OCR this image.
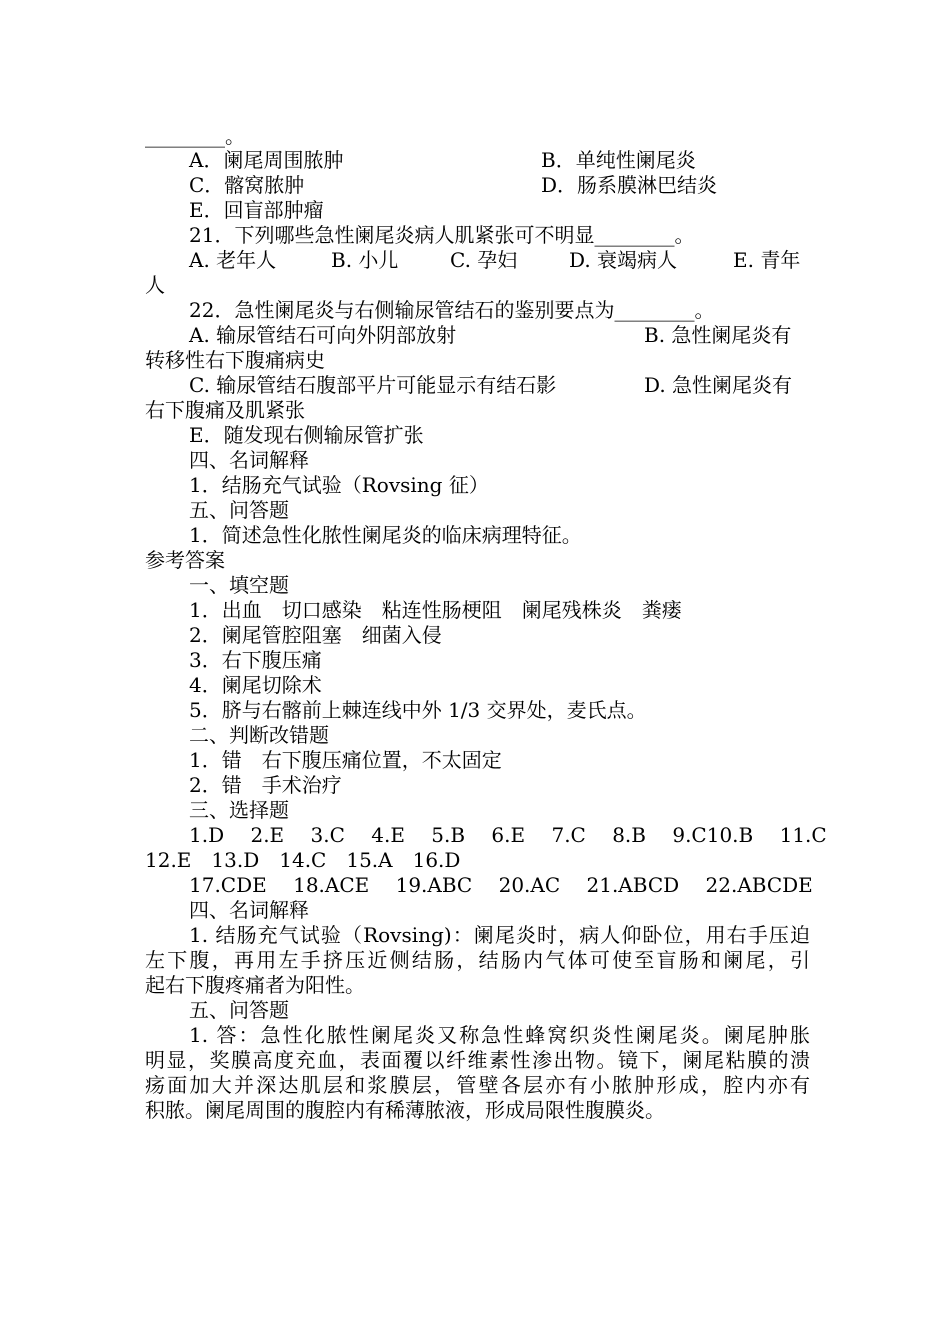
________。
A．阑尾周围脓肿	B．单纯性阑尾炎
C．髂窝脓肿	D．肠系膜淋巴结炎
E．回盲部肿瘤
21．下列哪些急性阑尾炎病人肌紧张可不明显________。
A. 老年人	B. 小儿	C. 孕妇	D. 衰竭病人	E. 青年
人
22．急性阑尾炎与右侧输尿管结石的鉴别要点为________。
A. 输尿管结石可向外阴部放射	B. 急性阑尾炎有
转移性右下腹痛病史
C. 输尿管结石腹部平片可能显示有结石影	D. 急性阑尾炎有
右下腹痛及肌紧张
E．随发现右侧输尿管扩张
四、名词解释
1．结肠充气试验（Rovsing 征）
五、问答题
1．简述急性化脓性阑尾炎的临床病理特征。
参考答案
一、填空题
1．出血　切口感染　粘连性肠梗阻　阑尾残株炎　粪瘘
2．阑尾管腔阻塞　细菌入侵
3．右下腹压痛
4．阑尾切除术
5．脐与右髂前上棘连线中外 1/3 交界处，麦氏点。
二、判断改错题
1．错　右下腹压痛位置，不太固定
2．错　手术治疗
三、选择题
1.D　 2.E　 3.C　 4.E　 5.B　 6.E　 7.C　 8.B　 9.C10.B　 11.C
12.E　13.D　14.C　15.A　16.D
17.CDE　 18.ACE　 19.ABC　 20.AC　 21.ABCD　 22.ABCDE
四、名词解释
1. 结肠充气试验（Rovsing)：阑尾炎时，病人仰卧位，用右手压迫
左下腹，再用左手挤压近侧结肠，结肠内气体可使至盲肠和阑尾，引
起右下腹疼痛者为阳性。
五、问答题
1. 答：急性化脓性阑尾炎又称急性蜂窝织炎性阑尾炎。阑尾肿胀
明显，奖膜高度充血，表面覆以纤维素性渗出物。镜下，阑尾粘膜的溃
疡面加大并深达肌层和浆膜层，管壁各层亦有小脓肿形成，腔内亦有
积脓。阑尾周围的腹腔内有稀薄脓液，形成局限性腹膜炎。
